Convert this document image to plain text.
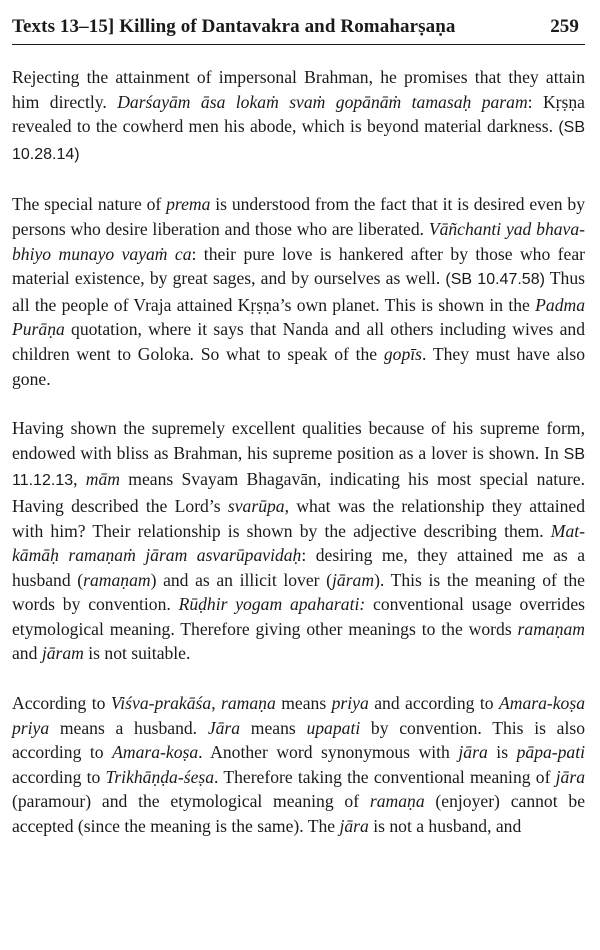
Texts 13–15] Killing of Dantavakra and Romaharṣaṇa	259

Rejecting the attainment of impersonal Brahman, he promises that they attain him directly. Darśayām āsa lokaṁ svaṁ gopānāṁ tamasaḥ param: Kṛṣṇa revealed to the cowherd men his abode, which is beyond material darkness. (SB 10.28.14)

The special nature of prema is understood from the fact that it is desired even by persons who desire liberation and those who are liberated. Vāñchanti yad bhava-bhiyo munayo vayaṁ ca: their pure love is hankered after by those who fear material existence, by great sages, and by ourselves as well. (SB 10.47.58) Thus all the people of Vraja attained Kṛṣṇa’s own planet. This is shown in the Padma Purāṇa quotation, where it says that Nanda and all others including wives and children went to Goloka. So what to speak of the gopīs. They must have also gone.

Having shown the supremely excellent qualities because of his supreme form, endowed with bliss as Brahman, his supreme position as a lover is shown. In SB 11.12.13, mām means Svayam Bhagavān, indicating his most special nature. Having described the Lord’s svarūpa, what was the relationship they attained with him? Their relationship is shown by the adjective describing them. Mat-kāmāḥ ramaṇaṁ jāram asvarūpavidaḥ: desiring me, they attained me as a husband (ramaṇam) and as an illicit lover (jāram). This is the meaning of the words by convention. Rūḍhir yogam apaharati: conventional usage overrides etymological meaning. Therefore giving other meanings to the words ramaṇam and jāram is not suitable.

According to Viśva-prakāśa, ramaṇa means priya and according to Amara-koṣa priya means a husband. Jāra means upapati by convention. This is also according to Amara-koṣa. Another word synonymous with jāra is pāpa-pati according to Trikhāṇḍa-śeṣa. Therefore taking the conventional meaning of jāra (paramour) and the etymological meaning of ramaṇa (enjoyer) cannot be accepted (since the meaning is the same). The jāra is not a husband, and
